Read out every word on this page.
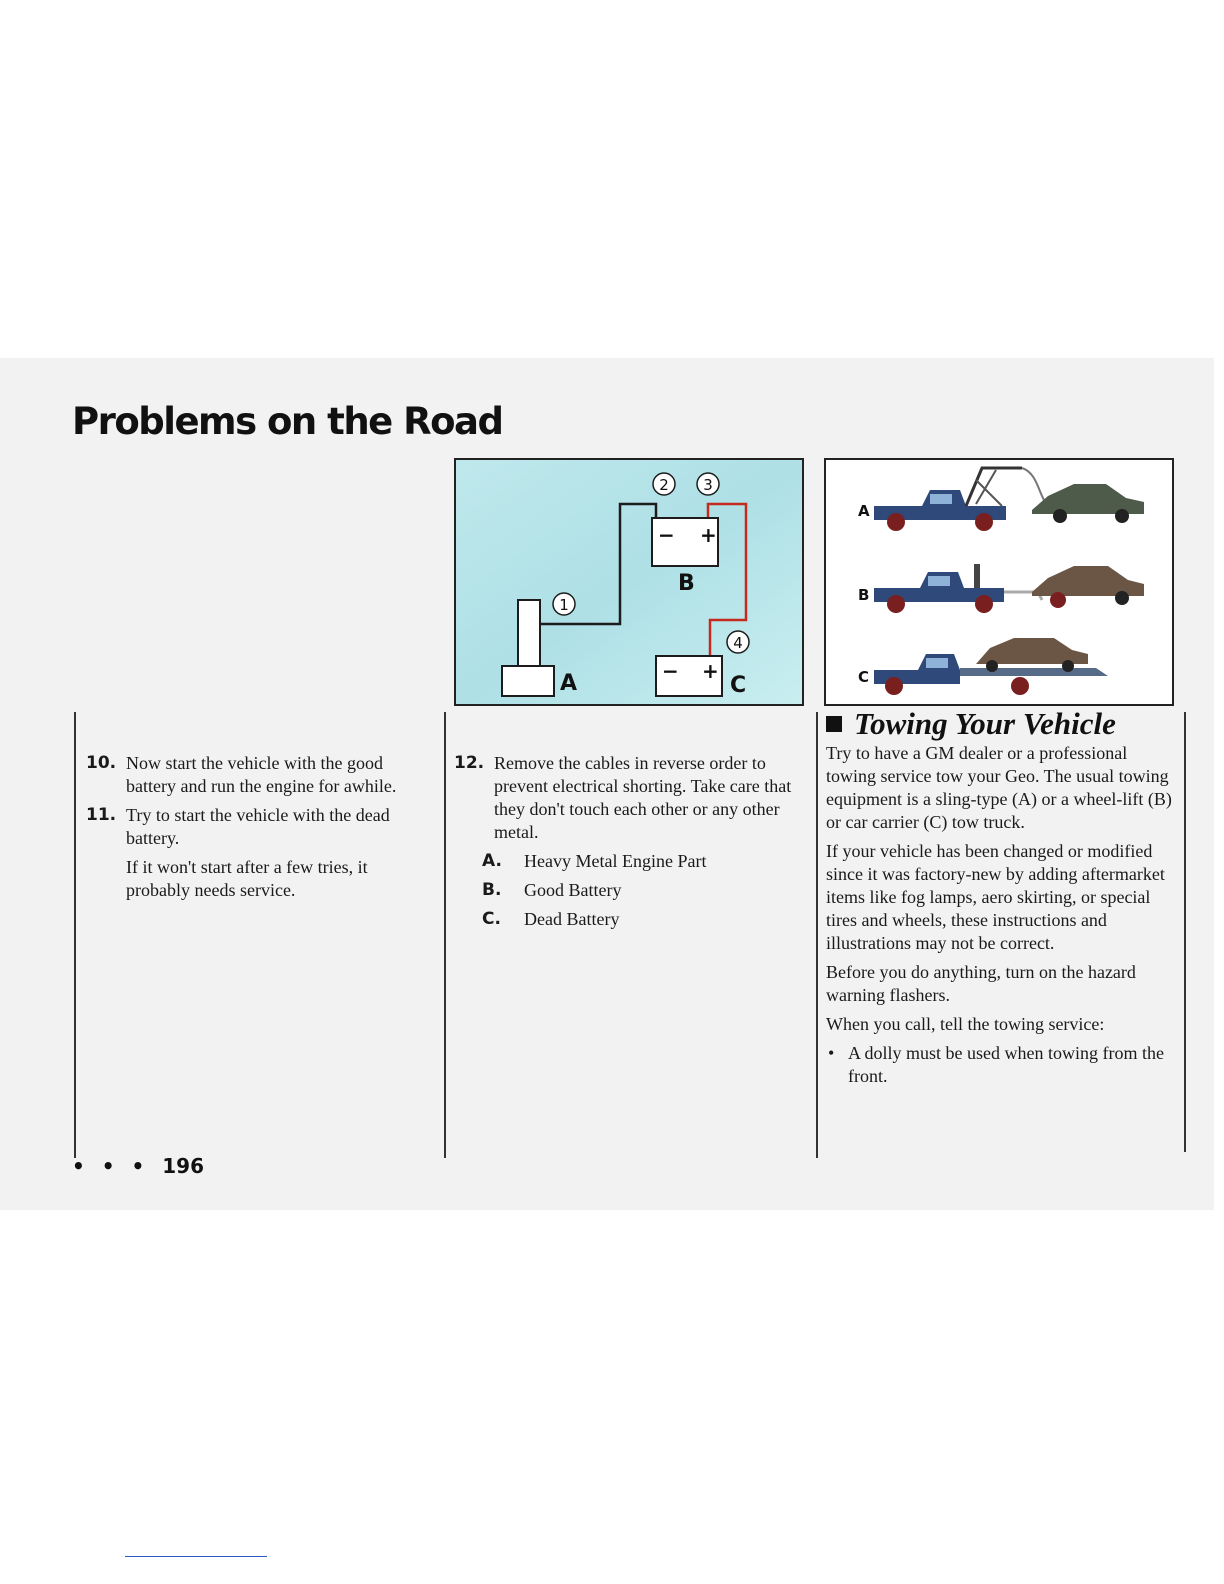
Problems on the Road
A
− +
B
− +
C
1
2 3
4
A
B
C
10. Now start the vehicle with the good battery and run the engine for awhile.
11. Try to start the vehicle with the dead battery.

If it won't start after a few tries, it probably needs service.

12. Remove the cables in reverse order to prevent electrical shorting. Take care that they don't touch each other or any other metal.
A. Heavy Metal Engine Part
B. Good Battery
C. Dead Battery
Towing Your Vehicle

Try to have a GM dealer or a professional towing service tow your Geo. The usual towing equipment is a sling-type (A) or a wheel-lift (B) or car carrier (C) tow truck.

If your vehicle has been changed or modified since it was factory-new by adding aftermarket items like fog lamps, aero skirting, or special tires and wheels, these instructions and illustrations may not be correct.

Before you do anything, turn on the hazard warning flashers.

When you call, tell the towing service:

• A dolly must be used when towing from the front.
• • • 196
